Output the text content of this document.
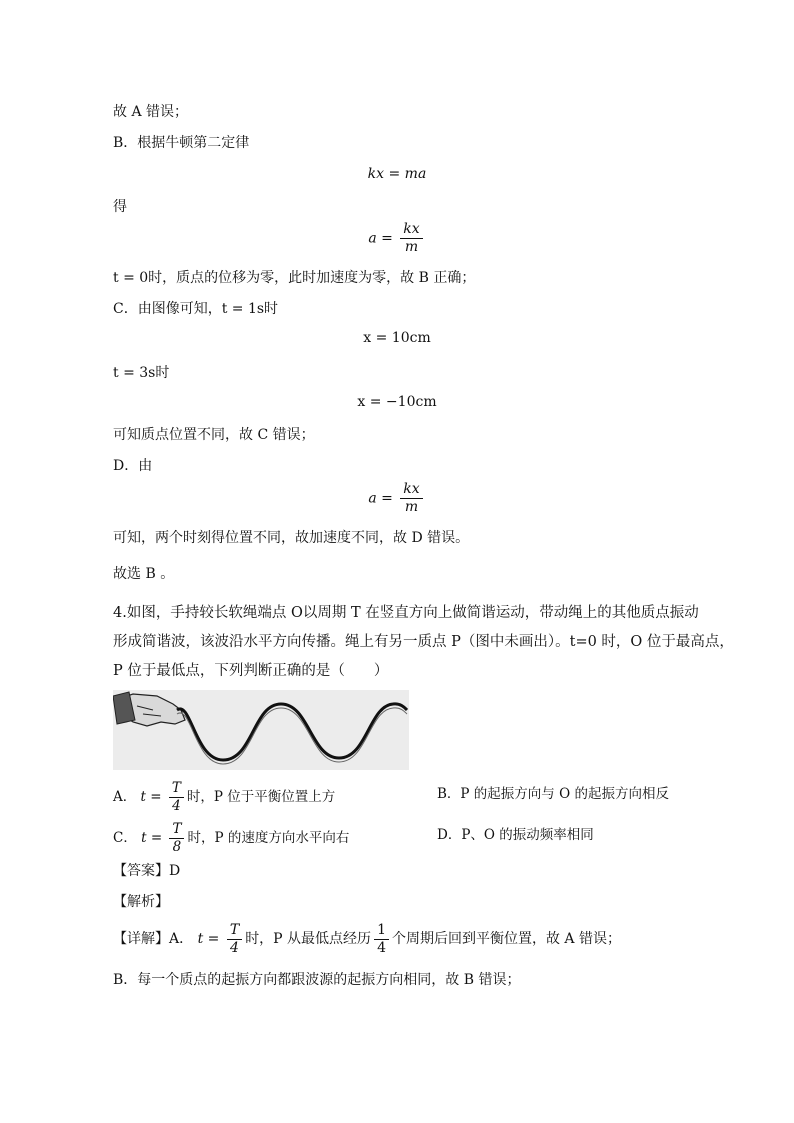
故 A 错误；
B．根据牛顿第二定律
kx = ma
得
$a = \frac{kx}{m}$
t = 0时，质点的位移为零，此时加速度为零，故 B 正确；
C．由图像可知，t = 1s时
x = 10cm
t = 3s时
x = −10cm
可知质点位置不同，故 C 错误；
D．由
$a = \frac{kx}{m}$
可知，两个时刻得位置不同，故加速度不同，故 D 错误。
故选 B 。
4.如图，手持较长软绳端点 O以周期 T 在竖直方向上做简谐运动，带动绳上的其他质点振动
形成简谐波，该波沿水平方向传播。绳上有另一质点 P（图中未画出）。t=0 时，O 位于最高点，
P 位于最低点，下列判断正确的是（　　）
A． $t = \frac{T}{4}$ 时，P 位于平衡位置上方	B．P 的起振方向与 O 的起振方向相反
C． $t = \frac{T}{8}$ 时，P 的速度方向水平向右	D．P、O 的振动频率相同
【答案】D
【解析】
【详解】A． $t = \frac{T}{4}$ 时，P 从最低点经历 $\frac{1}{4}$ 个周期后回到平衡位置，故 A 错误；
B．每一个质点的起振方向都跟波源的起振方向相同，故 B 错误；
